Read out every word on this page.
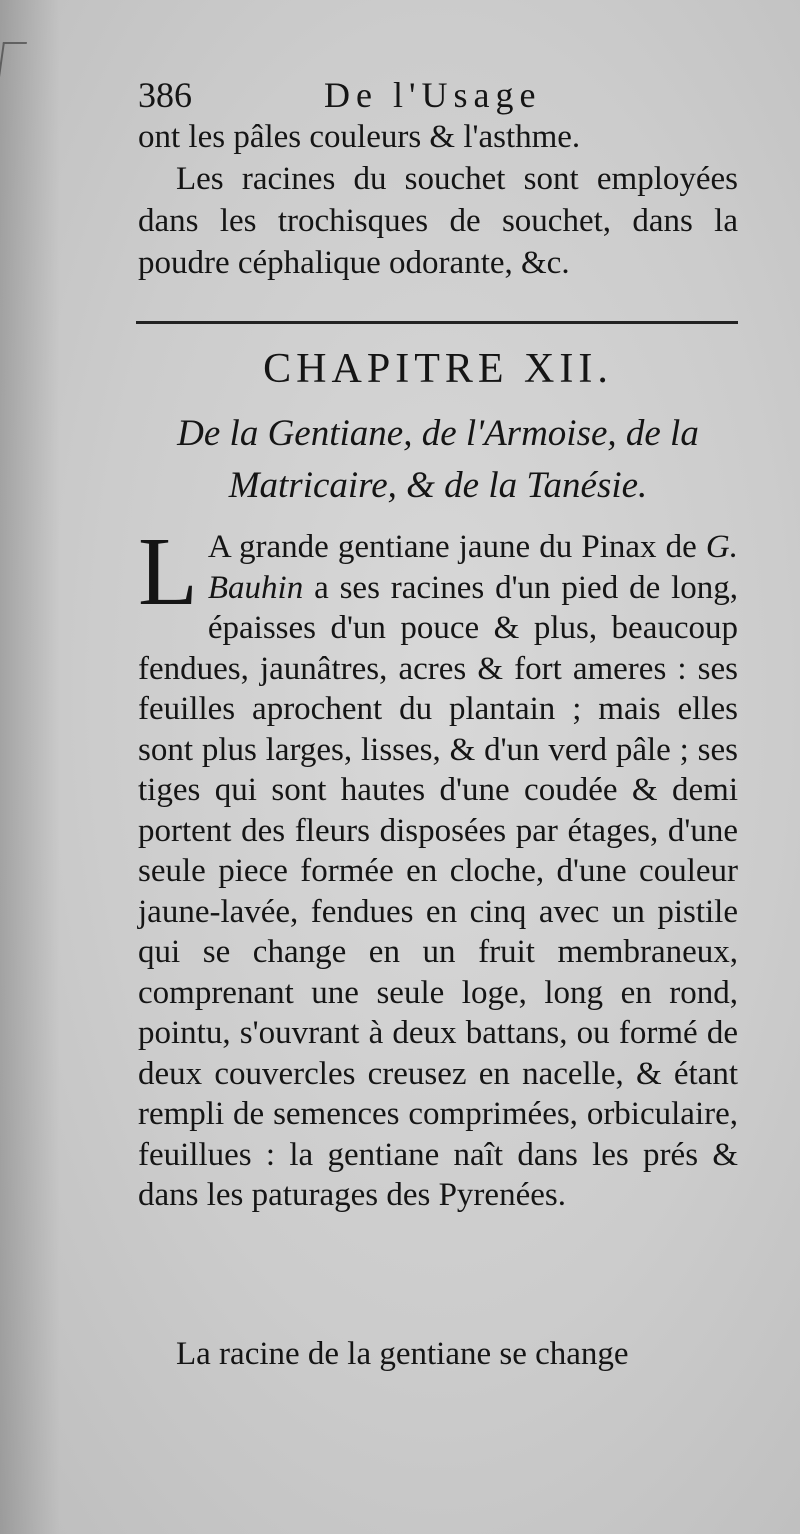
386	De l'Usage

ont les pâles couleurs & l'asthme.

Les racines du souchet sont employées dans les trochisques de souchet, dans la poudre céphalique odorante, &c.

CHAPITRE XII.

De la Gentiane, de l'Armoise, de la Matricaire, & de la Tanésie.

L A grande gentiane jaune du Pinax de G. Bauhin a ses racines d'un pied de long, épaisses d'un pouce & plus, beaucoup fendues, jaunâtres, acres & fort ameres : ses feuilles aprochent du plantain ; mais elles sont plus larges, lisses, & d'un verd pâle ; ses tiges qui sont hautes d'une coudée & demi portent des fleurs disposées par étages, d'une seule piece formée en cloche, d'une couleur jaune-lavée, fendues en cinq avec un pistile qui se change en un fruit membraneux, comprenant une seule loge, long en rond, pointu, s'ouvrant à deux battans, ou formé de deux couvercles creusez en nacelle, & étant rempli de semences comprimées, orbiculaire, feuillues : la gentiane naît dans les prés & dans les paturages des Pyrenées.

La racine de la gentiane se change
